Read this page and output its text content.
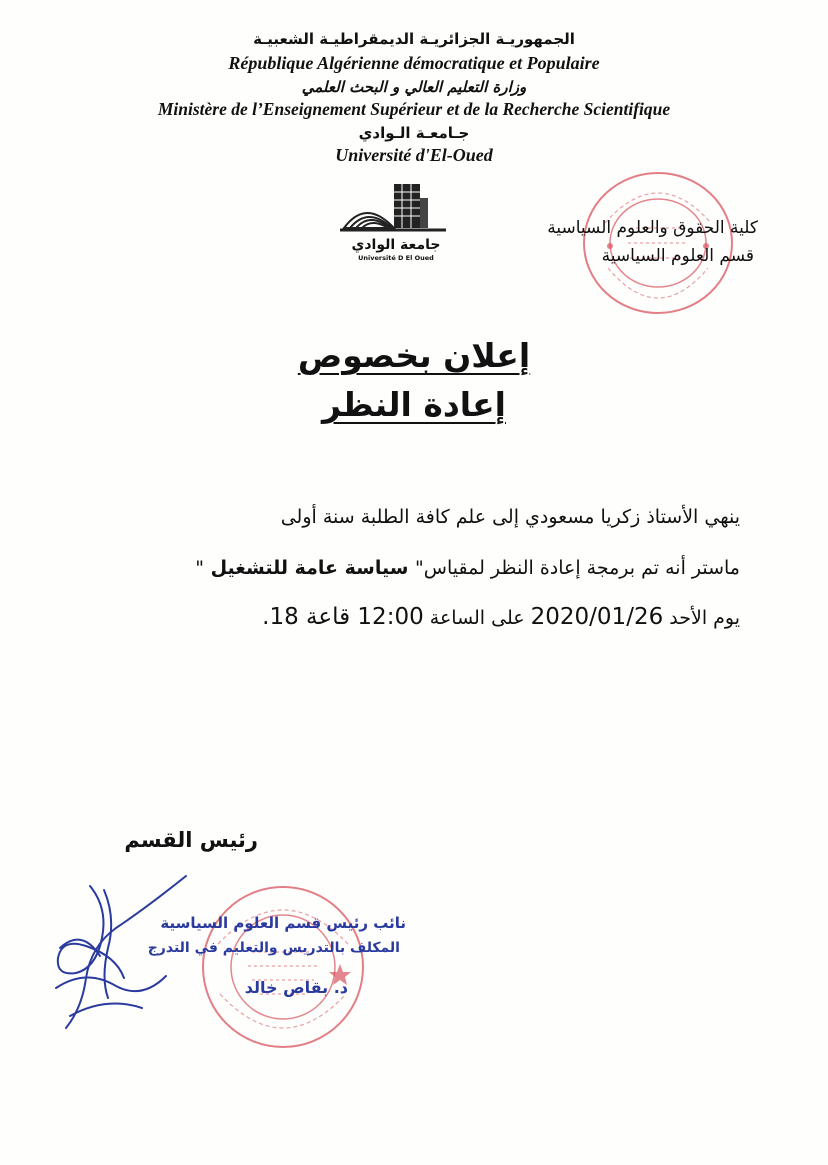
الجمهوريـة الجزائريـة الديمقراطيـة الشعبيـة
République Algérienne démocratique et Populaire
وزارة التعليم العالي و البحث العلمي
Ministère de l’Enseignement Supérieur et de la Recherche Scientifique
جـامعـة الـوادي
Université d'El-Oued
جامعة الوادي
Université D El Oued
كلية الحقوق والعلوم السياسية
قسم العلوم السياسية
إعلان بخصوص
إعادة النظر
ينهي الأستاذ زكريا مسعودي إلى علم كافة الطلبة سنة أولى
ماستر أنه تم برمجة إعادة النظر لمقياس" سياسة عامة للتشغيل "
يوم الأحد 2020/01/26 على الساعة 12:00 قاعة 18.
رئيس القسم
نائب رئيس قسم العلوم السياسية
المكلف بالتدريس والتعليم في التدرج
د. بقاص خالد
